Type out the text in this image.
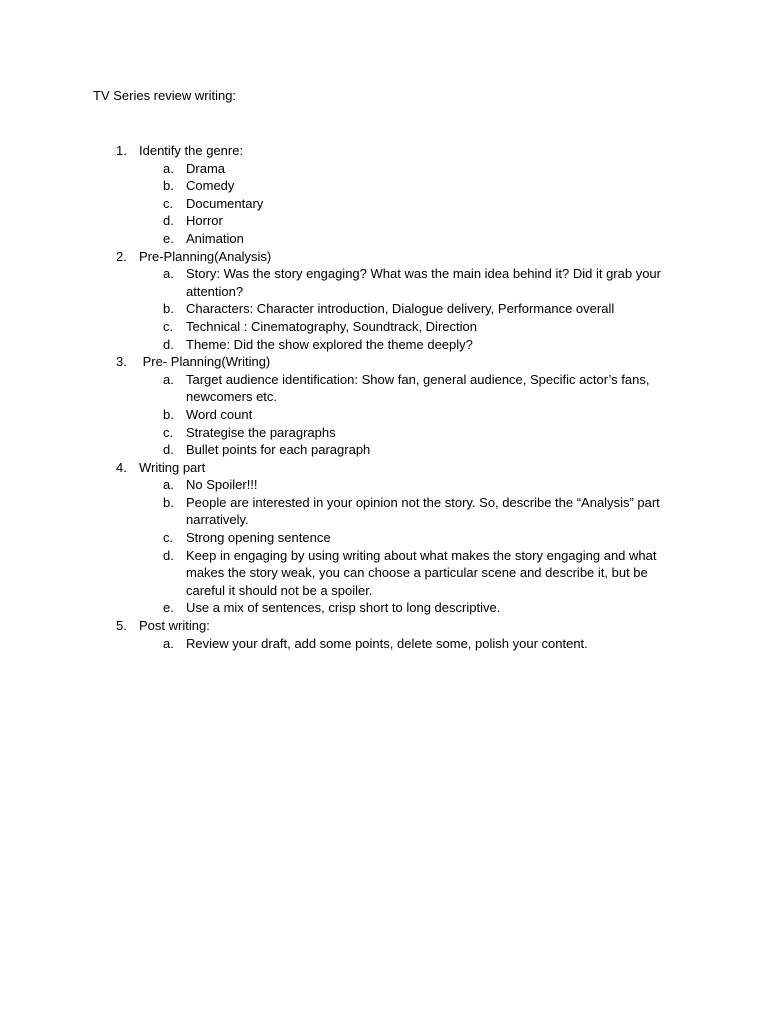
TV Series review writing:
1. Identify the genre:
a. Drama
b. Comedy
c. Documentary
d. Horror
e. Animation
2. Pre-Planning(Analysis)
a. Story: Was the story engaging? What was the main idea behind it? Did it grab your attention?
b. Characters: Character introduction, Dialogue delivery, Performance overall
c. Technical : Cinematography, Soundtrack, Direction
d. Theme: Did the show explored the theme deeply?
3. Pre- Planning(Writing)
a. Target audience identification: Show fan, general audience, Specific actor’s fans, newcomers etc.
b. Word count
c. Strategise the paragraphs
d. Bullet points for each paragraph
4. Writing part
a. No Spoiler!!!
b. People are interested in your opinion not the story. So, describe the “Analysis” part narratively.
c. Strong opening sentence
d. Keep in engaging by using writing about what makes the story engaging and what makes the story weak, you can choose a particular scene and describe it, but be careful it should not be a spoiler.
e. Use a mix of sentences, crisp short to long descriptive.
5. Post writing:
a. Review your draft, add some points, delete some, polish your content.
